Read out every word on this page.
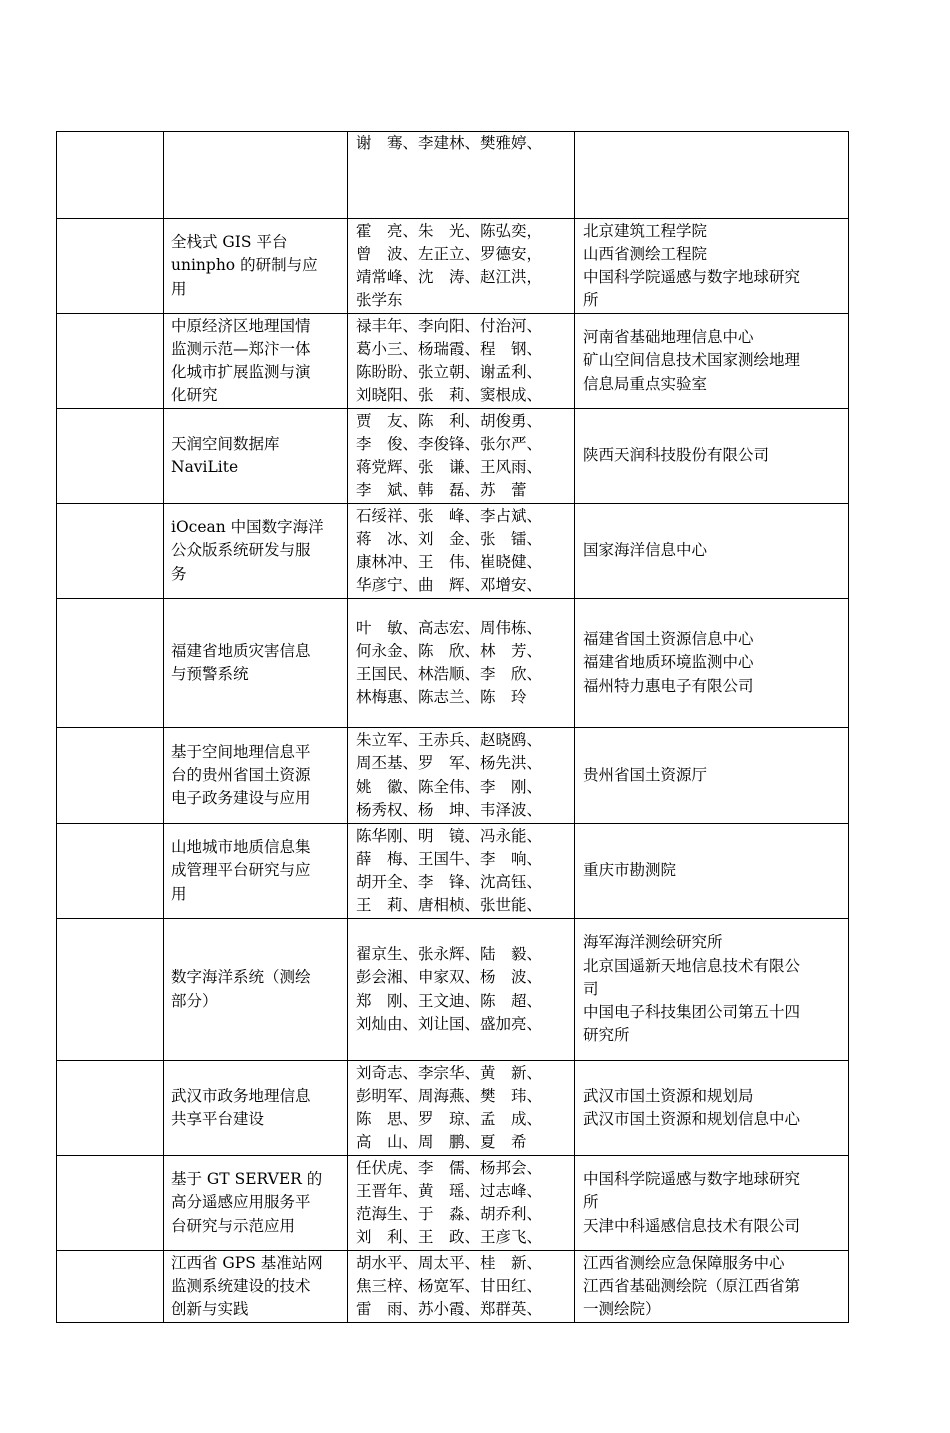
		谢　骞、李建林、樊雅婷、	

	全栈式 GIS 平台
uninpho 的研制与应
用	霍　亮、朱　光、陈弘奕，
曾　波、左正立、罗德安，
靖常峰、沈　涛、赵江洪，
张学东	北京建筑工程学院
山西省测绘工程院
中国科学院遥感与数字地球研究
所

	中原经济区地理国情
监测示范—郑汴一体
化城市扩展监测与演
化研究	禄丰年、李向阳、付治河、
葛小三、杨瑞霞、程　钢、
陈盼盼、张立朝、谢孟利、
刘晓阳、张　莉、窦根成、	河南省基础地理信息中心
矿山空间信息技术国家测绘地理
信息局重点实验室

	天润空间数据库
NaviLite	贾　友、陈　利、胡俊勇、
李　俊、李俊锋、张尔严、
蒋党辉、张　谦、王风雨、
李　斌、韩　磊、苏　蕾	陕西天润科技股份有限公司

	iOcean 中国数字海洋
公众版系统研发与服
务	石绥祥、张　峰、李占斌、
蒋　冰、刘　金、张　镭、
康林冲、王　伟、崔晓健、
华彦宁、曲　辉、邓增安、	国家海洋信息中心

	福建省地质灾害信息
与预警系统	叶　敏、高志宏、周伟栋、
何永金、陈　欣、林　芳、
王国民、林浩顺、李　欣、
林梅惠、陈志兰、陈　玲	福建省国土资源信息中心
福建省地质环境监测中心
福州特力惠电子有限公司

	基于空间地理信息平
台的贵州省国土资源
电子政务建设与应用	朱立军、王赤兵、赵晓鸥、
周丕基、罗　军、杨先洪、
姚　徽、陈全伟、李　刚、
杨秀权、杨　坤、韦泽波、	贵州省国土资源厅

	山地城市地质信息集
成管理平台研究与应
用	陈华刚、明　镜、冯永能、
薛　梅、王国牛、李　响、
胡开全、李　锋、沈高钰、
王　莉、唐相桢、张世能、	重庆市勘测院

	数字海洋系统（测绘
部分）	翟京生、张永辉、陆　毅、
彭会湘、申家双、杨　波、
郑　刚、王文迪、陈　超、
刘灿由、刘让国、盛加亮、	海军海洋测绘研究所
北京国遥新天地信息技术有限公
司
中国电子科技集团公司第五十四
研究所

	武汉市政务地理信息
共享平台建设	刘奇志、李宗华、黄　新、
彭明军、周海燕、樊　玮、
陈　思、罗　琼、孟　成、
高　山、周　鹏、夏　希	武汉市国土资源和规划局
武汉市国土资源和规划信息中心

	基于 GT SERVER 的
高分遥感应用服务平
台研究与示范应用	任伏虎、李　儒、杨邦会、
王晋年、黄　瑶、过志峰、
范海生、于　淼、胡乔利、
刘　利、王　政、王彦飞、	中国科学院遥感与数字地球研究
所
天津中科遥感信息技术有限公司

	江西省 GPS 基准站网
监测系统建设的技术
创新与实践	胡水平、周太平、桂　新、
焦三梓、杨宽军、甘田红、
雷　雨、苏小霞、郑群英、	江西省测绘应急保障服务中心
江西省基础测绘院（原江西省第
一测绘院）
